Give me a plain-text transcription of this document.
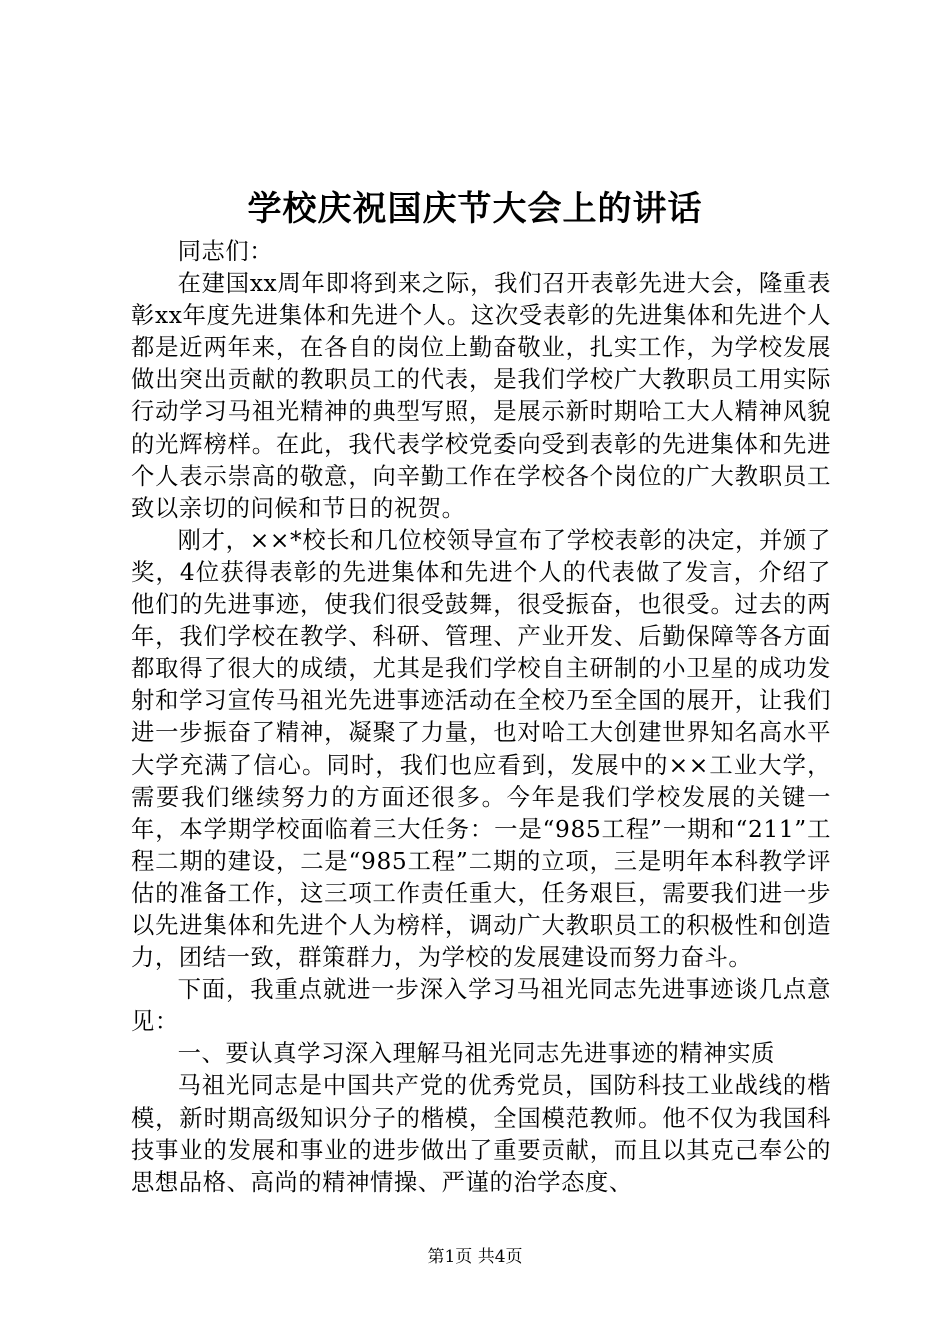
学校庆祝国庆节大会上的讲话

同志们：

在建国xx周年即将到来之际，我们召开表彰先进大会，隆重表彰xx年度先进集体和先进个人。这次受表彰的先进集体和先进个人都是近两年来，在各自的岗位上勤奋敬业，扎实工作，为学校发展做出突出贡献的教职员工的代表，是我们学校广大教职员工用实际行动学习马祖光精神的典型写照，是展示新时期哈工大人精神风貌的光辉榜样。在此，我代表学校党委向受到表彰的先进集体和先进个人表示崇高的敬意，向辛勤工作在学校各个岗位的广大教职员工致以亲切的问候和节日的祝贺。

刚才，××*校长和几位校领导宣布了学校表彰的决定，并颁了奖，4位获得表彰的先进集体和先进个人的代表做了发言，介绍了他们的先进事迹，使我们很受鼓舞，很受振奋，也很受。过去的两年，我们学校在教学、科研、管理、产业开发、后勤保障等各方面都取得了很大的成绩，尤其是我们学校自主研制的小卫星的成功发射和学习宣传马祖光先进事迹活动在全校乃至全国的展开，让我们进一步振奋了精神，凝聚了力量，也对哈工大创建世界知名高水平大学充满了信心。同时，我们也应看到，发展中的××工业大学，需要我们继续努力的方面还很多。今年是我们学校发展的关键一年，本学期学校面临着三大任务：一是“985工程”一期和“211”工程二期的建设，二是“985工程”二期的立项，三是明年本科教学评估的准备工作，这三项工作责任重大，任务艰巨，需要我们进一步以先进集体和先进个人为榜样，调动广大教职员工的积极性和创造力，团结一致，群策群力，为学校的发展建设而努力奋斗。

下面，我重点就进一步深入学习马祖光同志先进事迹谈几点意见：

一、要认真学习深入理解马祖光同志先进事迹的精神实质

马祖光同志是中国共产党的优秀党员，国防科技工业战线的楷模，新时期高级知识分子的楷模，全国模范教师。他不仅为我国科技事业的发展和事业的进步做出了重要贡献，而且以其克己奉公的思想品格、高尚的精神情操、严谨的治学态度、

第1页 共4页
